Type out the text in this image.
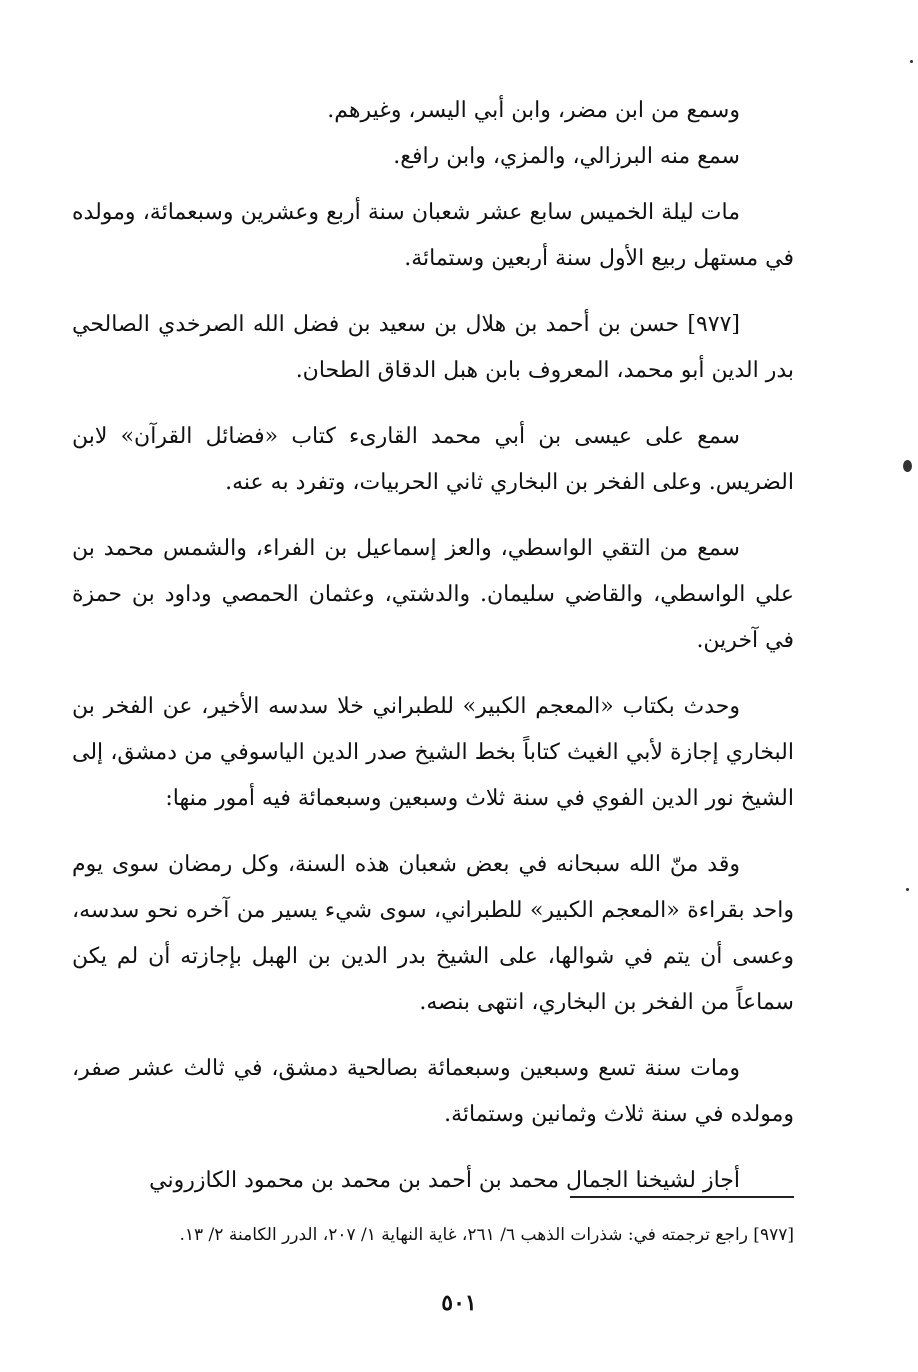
وسمع من ابن مضر، وابن أبي اليسر، وغيرهم.

سمع منه البرزالي، والمزي، وابن رافع.

مات ليلة الخميس سابع عشر شعبان سنة أربع وعشرين وسبعمائة، ومولده في مستهل ربيع الأول سنة أربعين وستمائة.

[٩٧٧] حسن بن أحمد بن هلال بن سعيد بن فضل الله الصرخدي الصالحي بدر الدين أبو محمد، المعروف بابن هبل الدقاق الطحان.

سمع على عيسى بن أبي محمد القارىء كتاب «فضائل القرآن» لابن الضريس. وعلى الفخر بن البخاري ثاني الحربيات، وتفرد به عنه.

سمع من التقي الواسطي، والعز إسماعيل بن الفراء، والشمس محمد بن علي الواسطي، والقاضي سليمان. والدشتي، وعثمان الحمصي وداود بن حمزة في آخرين.

وحدث بكتاب «المعجم الكبير» للطبراني خلا سدسه الأخير، عن الفخر بن البخاري إجازة لأبي الغيث كتاباً بخط الشيخ صدر الدين الياسوفي من دمشق، إلى الشيخ نور الدين الفوي في سنة ثلاث وسبعين وسبعمائة فيه أمور منها:

وقد منّ الله سبحانه في بعض شعبان هذه السنة، وكل رمضان سوى يوم واحد بقراءة «المعجم الكبير» للطبراني، سوى شيء يسير من آخره نحو سدسه، وعسى أن يتم في شوالها، على الشيخ بدر الدين بن الهبل بإجازته أن لم يكن سماعاً من الفخر بن البخاري، انتهى بنصه.

ومات سنة تسع وسبعين وسبعمائة بصالحية دمشق، في ثالث عشر صفر، ومولده في سنة ثلاث وثمانين وستمائة.

أجاز لشيخنا الجمال محمد بن أحمد بن محمد بن محمود الكازروني

[٩٧٧] راجع ترجمته في: شذرات الذهب ٦/ ٢٦١، غاية النهاية ١/ ٢٠٧، الدرر الكامنة ٢/ ١٣.
٥٠١
